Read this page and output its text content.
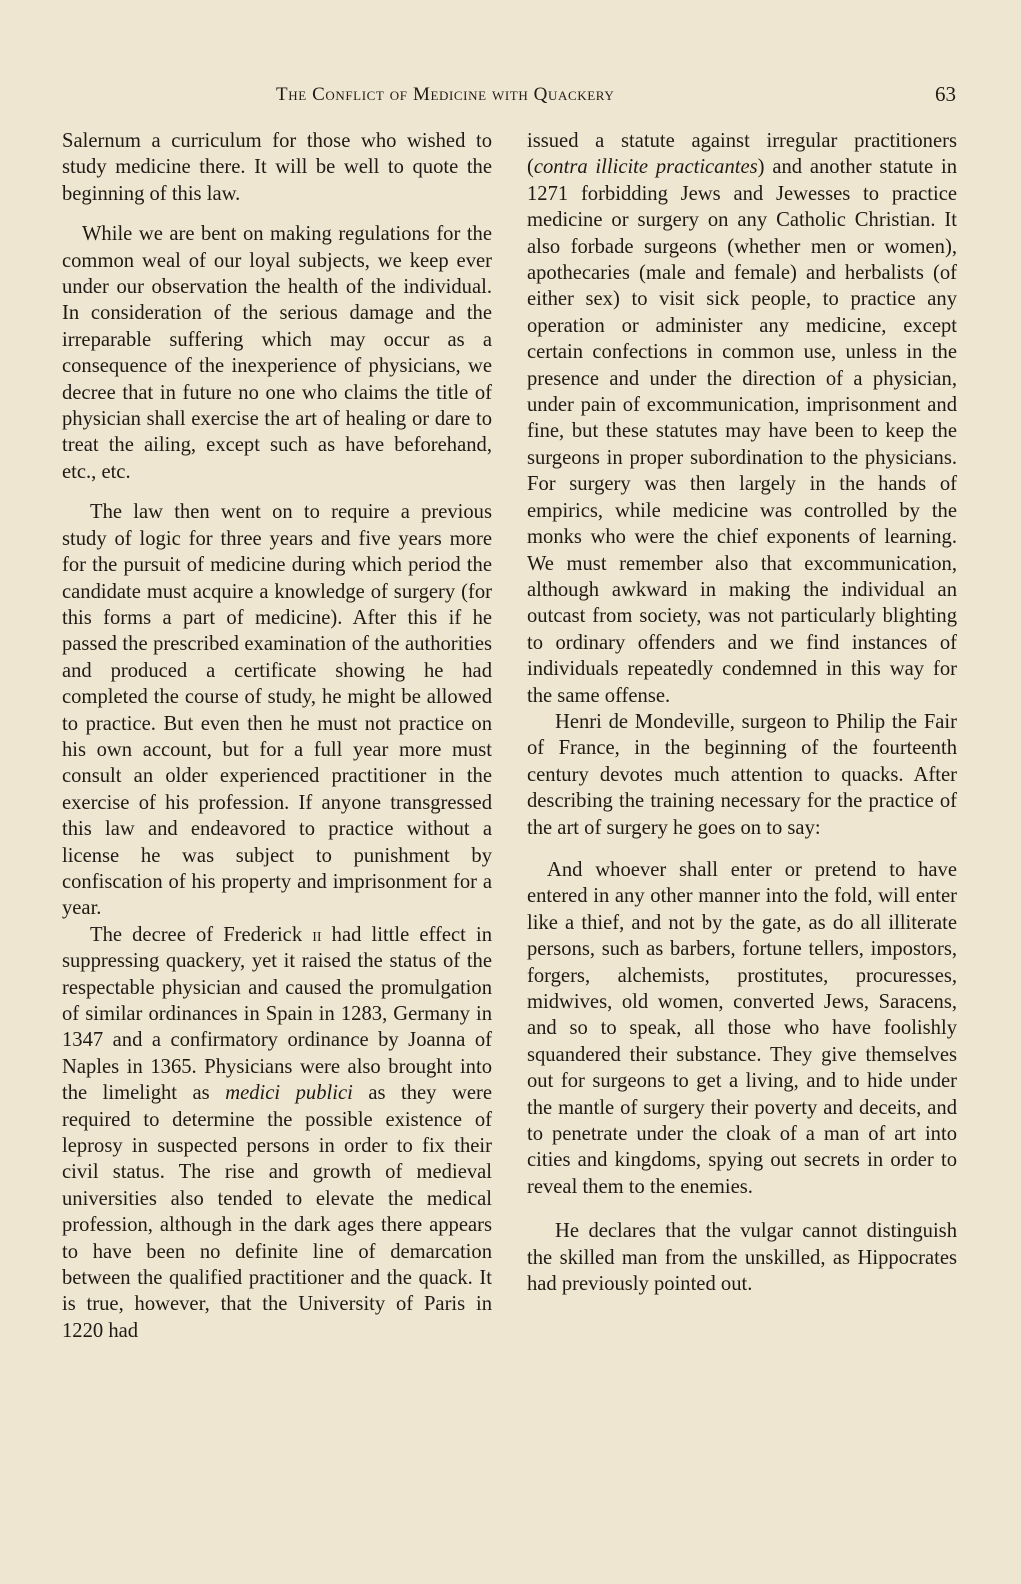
The Conflict of Medicine with Quackery	63

Salernum a curriculum for those who wished to study medicine there. It will be well to quote the beginning of this law.

While we are bent on making regulations for the common weal of our loyal subjects, we keep ever under our observation the health of the individual. In consideration of the serious damage and the irreparable suffering which may occur as a consequence of the inexperience of physicians, we decree that in future no one who claims the title of physician shall exercise the art of healing or dare to treat the ailing, except such as have beforehand, etc., etc.

The law then went on to require a previous study of logic for three years and five years more for the pursuit of medicine during which period the candidate must acquire a knowledge of surgery (for this forms a part of medicine). After this if he passed the prescribed examination of the authorities and produced a certificate showing he had completed the course of study, he might be allowed to practice. But even then he must not practice on his own account, but for a full year more must consult an older experienced practitioner in the exercise of his profession. If anyone transgressed this law and endeavored to practice without a license he was subject to punishment by confiscation of his property and imprisonment for a year.

The decree of Frederick ii had little effect in suppressing quackery, yet it raised the status of the respectable physician and caused the promulgation of similar ordinances in Spain in 1283, Germany in 1347 and a confirmatory ordinance by Joanna of Naples in 1365. Physicians were also brought into the limelight as medici publici as they were required to determine the possible existence of leprosy in suspected persons in order to fix their civil status. The rise and growth of medieval universities also tended to elevate the medical profession, although in the dark ages there appears to have been no definite line of demarcation between the qualified practitioner and the quack. It is true, however, that the University of Paris in 1220 had

issued a statute against irregular practitioners (contra illicite practicantes) and another statute in 1271 forbidding Jews and Jewesses to practice medicine or surgery on any Catholic Christian. It also forbade surgeons (whether men or women), apothecaries (male and female) and herbalists (of either sex) to visit sick people, to practice any operation or administer any medicine, except certain confections in common use, unless in the presence and under the direction of a physician, under pain of excommunication, imprisonment and fine, but these statutes may have been to keep the surgeons in proper subordination to the physicians. For surgery was then largely in the hands of empirics, while medicine was controlled by the monks who were the chief exponents of learning. We must remember also that excommunication, although awkward in making the individual an outcast from society, was not particularly blighting to ordinary offenders and we find instances of individuals repeatedly condemned in this way for the same offense.

Henri de Mondeville, surgeon to Philip the Fair of France, in the beginning of the fourteenth century devotes much attention to quacks. After describing the training necessary for the practice of the art of surgery he goes on to say:

And whoever shall enter or pretend to have entered in any other manner into the fold, will enter like a thief, and not by the gate, as do all illiterate persons, such as barbers, fortune tellers, impostors, forgers, alchemists, prostitutes, procuresses, midwives, old women, converted Jews, Saracens, and so to speak, all those who have foolishly squandered their substance. They give themselves out for surgeons to get a living, and to hide under the mantle of surgery their poverty and deceits, and to penetrate under the cloak of a man of art into cities and kingdoms, spying out secrets in order to reveal them to the enemies.

He declares that the vulgar cannot distinguish the skilled man from the unskilled, as Hippocrates had previously pointed out.
